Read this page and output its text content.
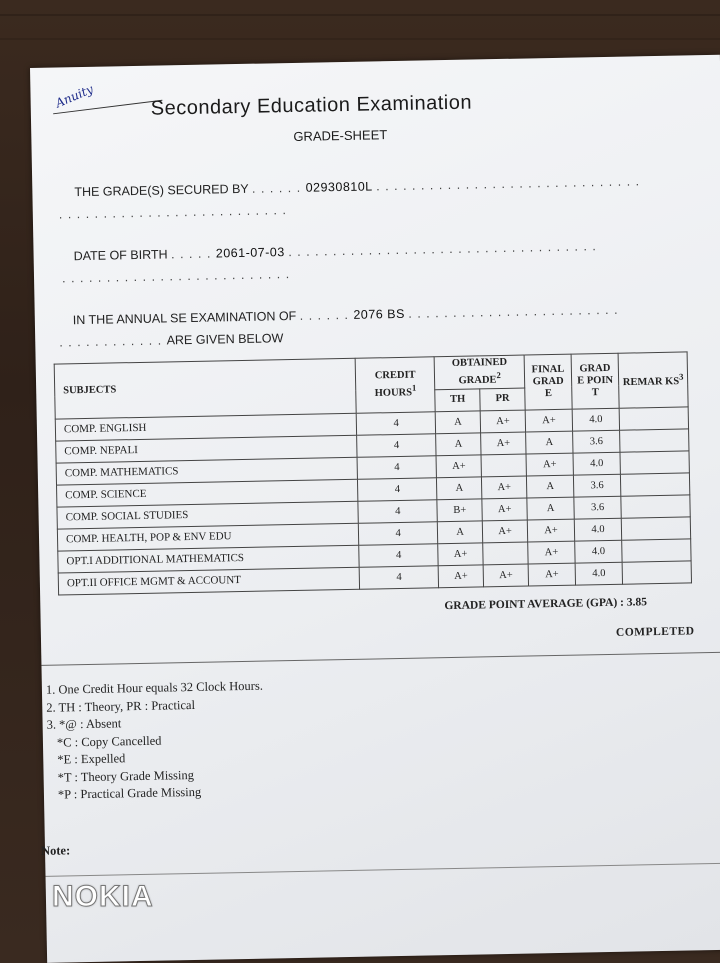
Anuity	Secondary Education Examination
GRADE-SHEET
THE GRADE(S) SECURED BY . . . . . . 02930810L . . . . . . . . . . . . . . . . . . . . . . . . . . . . . .
. . . . . . . . . . . . . . . . . . . . . . . . . .
DATE OF BIRTH . . . . . 2061-07-03 . . . . . . . . . . . . . . . . . . . . . . . . . . . . . . . . . . .
. . . . . . . . . . . . . . . . . . . . . . . . . .
IN THE ANNUAL SE EXAMINATION OF . . . . . . 2076 BS . . . . . . . . . . . . . . . . . . . . . . . .
. . . . . . . . . . . . ARE GIVEN BELOW
SUBJECTS	CREDIT HOURS$^1$	OBTAINED GRADE$^2$		FINAL GRAD E	GRAD E POIN T	REMAR $KS^3$
		TH	PR			
COMP. ENGLISH	4	A	A+	A+	4.0	
COMP. NEPALI	4	A	A+	A	3.6	
COMP. MATHEMATICS	4	A+		A+	4.0	
COMP. SCIENCE	4	A	A+	A	3.6	
COMP. SOCIAL STUDIES	4	B+	A+	A	3.6	
COMP. HEALTH, POP & ENV EDU	4	A	A+	A+	4.0	
OPT.I ADDITIONAL MATHEMATICS	4	A+		A+	4.0	
OPT.II OFFICE MGMT & ACCOUNT	4	A+	A+	A+	4.0	
GRADE POINT AVERAGE (GPA) : 3.85
COMPLETED
1. One Credit Hour equals 32 Clock Hours.
2. TH : Theory, PR : Practical
3. *@ : Absent
*C : Copy Cancelled
*E : Expelled
*T : Theory Grade Missing
*P : Practical Grade Missing
Note:
NOKIA
